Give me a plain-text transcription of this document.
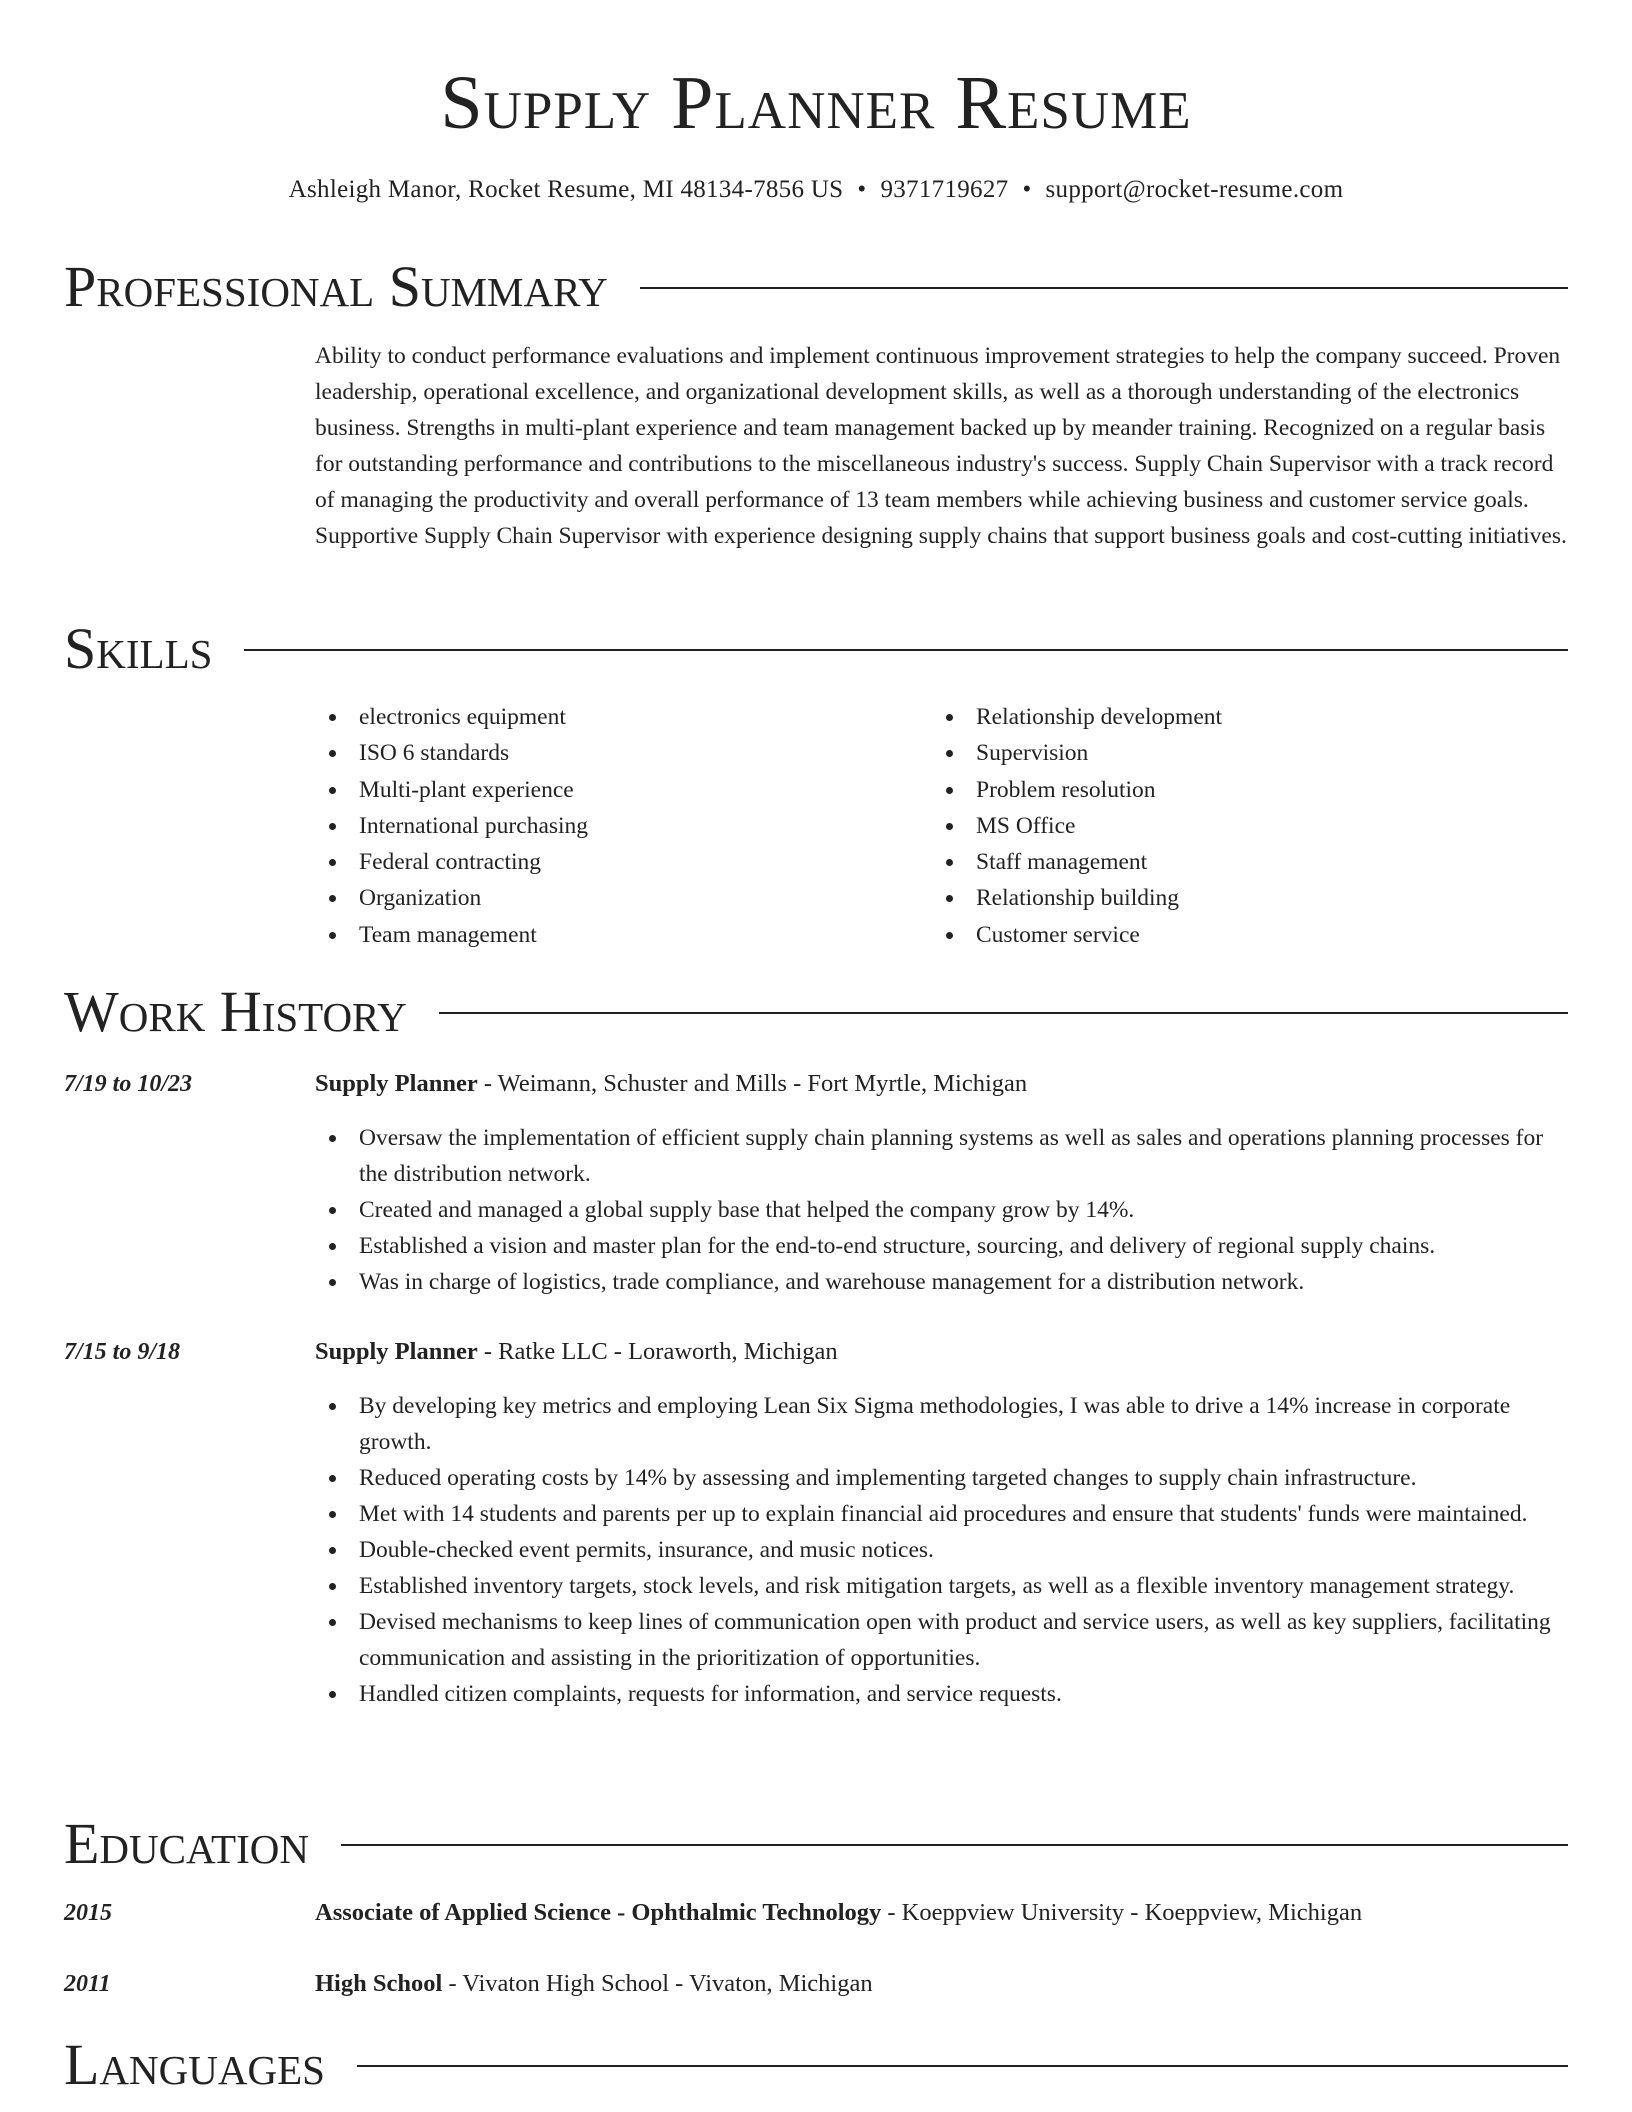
Supply Planner Resume
Ashleigh Manor, Rocket Resume, MI 48134-7856 US • 9371719627 • support@rocket-resume.com
Professional Summary
Ability to conduct performance evaluations and implement continuous improvement strategies to help the company succeed. Proven leadership, operational excellence, and organizational development skills, as well as a thorough understanding of the electronics business. Strengths in multi-plant experience and team management backed up by meander training. Recognized on a regular basis for outstanding performance and contributions to the miscellaneous industry's success. Supply Chain Supervisor with a track record of managing the productivity and overall performance of 13 team members while achieving business and customer service goals. Supportive Supply Chain Supervisor with experience designing supply chains that support business goals and cost-cutting initiatives.
Skills
electronics equipment
ISO 6 standards
Multi-plant experience
International purchasing
Federal contracting
Organization
Team management
Relationship development
Supervision
Problem resolution
MS Office
Staff management
Relationship building
Customer service
Work History
7/19 to 10/23	Supply Planner - Weimann, Schuster and Mills - Fort Myrtle, Michigan
Oversaw the implementation of efficient supply chain planning systems as well as sales and operations planning processes for the distribution network.
Created and managed a global supply base that helped the company grow by 14%.
Established a vision and master plan for the end-to-end structure, sourcing, and delivery of regional supply chains.
Was in charge of logistics, trade compliance, and warehouse management for a distribution network.
7/15 to 9/18	Supply Planner - Ratke LLC - Loraworth, Michigan
By developing key metrics and employing Lean Six Sigma methodologies, I was able to drive a 14% increase in corporate growth.
Reduced operating costs by 14% by assessing and implementing targeted changes to supply chain infrastructure.
Met with 14 students and parents per up to explain financial aid procedures and ensure that students' funds were maintained.
Double-checked event permits, insurance, and music notices.
Established inventory targets, stock levels, and risk mitigation targets, as well as a flexible inventory management strategy.
Devised mechanisms to keep lines of communication open with product and service users, as well as key suppliers, facilitating communication and assisting in the prioritization of opportunities.
Handled citizen complaints, requests for information, and service requests.
Education
2015	Associate of Applied Science - Ophthalmic Technology - Koeppview University - Koeppview, Michigan
2011	High School - Vivaton High School - Vivaton, Michigan
Languages
